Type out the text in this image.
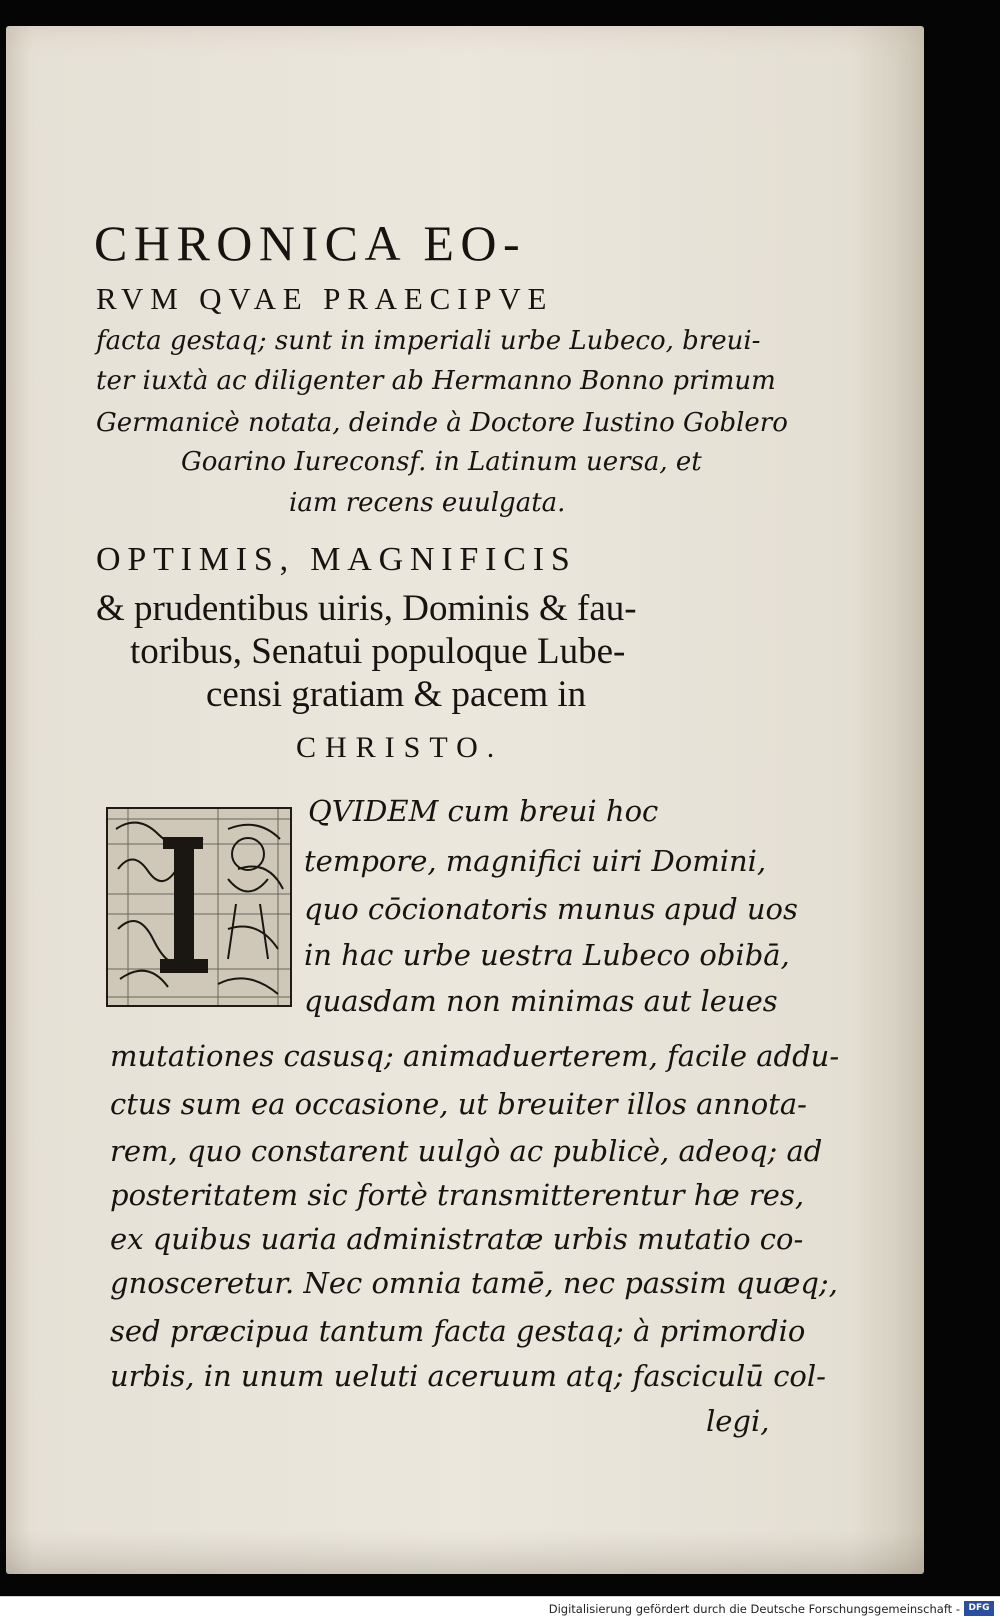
CHRONICA EO-
RVM QVAE PRAECIPVE
facta gestaq; sunt in imperiali urbe Lubeco, breui-
ter iuxtà ac diligenter ab Hermanno Bonno primum
Germanicè notata, deinde à Doctore Iustino Goblero
Goarino Iureconsf. in Latinum uersa, et
iam recens euulgata.
OPTIMIS, MAGNIFICIS
& prudentibus uiris, Dominis & fau-
toribus, Senatui populoque Lube-
censi gratiam & pacem in
CHRISTO.
QVIDEM cum breui hoc
tempore, magnifici uiri Domini,
quo cōcionatoris munus apud uos
in hac urbe uestra Lubeco obibā,
quasdam non minimas aut leues
mutationes casusq; animaduerterem, facile addu-
ctus sum ea occasione, ut breuiter illos annota-
rem, quo constarent uulgò ac publicè, adeoq; ad
posteritatem sic fortè transmitterentur hæ res,
ex quibus uaria administratæ urbis mutatio co-
gnosceretur. Nec omnia tamē, nec passim quæq;,
sed præcipua tantum facta gestaq; à primordio
urbis, in unum ueluti aceruum atq; fasciculū col-
legi,
Digitalisierung gefördert durch die Deutsche Forschungsgemeinschaft - DFG
